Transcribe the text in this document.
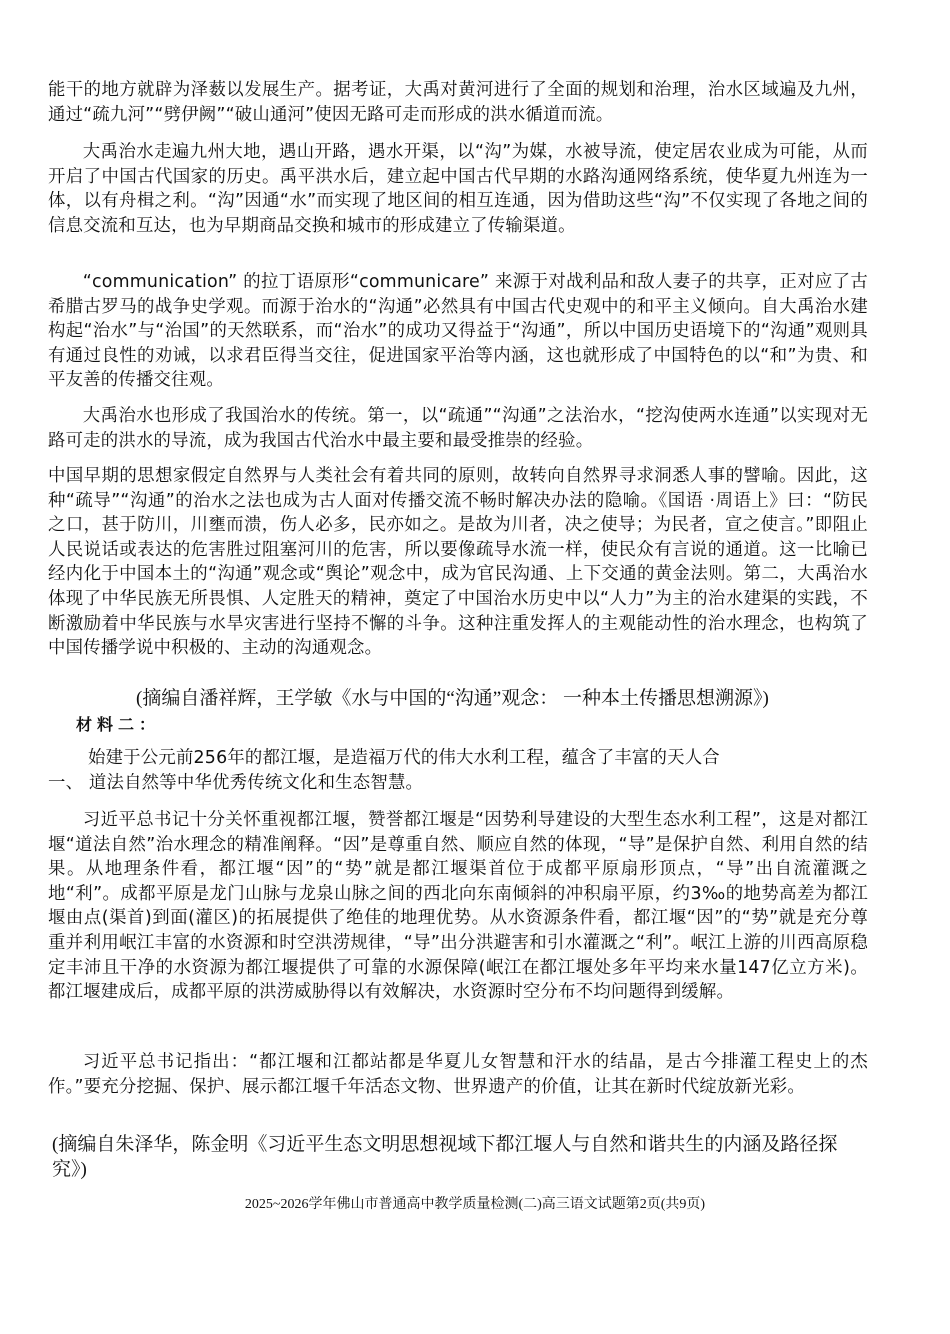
能干的地方就辟为泽薮以发展生产。据考证，大禹对黄河进行了全面的规划和治理，治水区域遍及九州，通过“疏九河”“劈伊阙”“破山通河”使因无路可走而形成的洪水循道而流。

大禹治水走遍九州大地，遇山开路，遇水开渠，以“沟”为媒，水被导流，使定居农业成为可能，从而开启了中国古代国家的历史。禹平洪水后，建立起中国古代早期的水路沟通网络系统，使华夏九州连为一体，以有舟楫之利。“沟”因通“水”而实现了地区间的相互连通，因为借助这些“沟”不仅实现了各地之间的信息交流和互达，也为早期商品交换和城市的形成建立了传输渠道。

“communication” 的拉丁语原形“communicare” 来源于对战利品和敌人妻子的共享，正对应了古希腊古罗马的战争史学观。而源于治水的“沟通”必然具有中国古代史观中的和平主义倾向。自大禹治水建构起“治水”与“治国”的天然联系，而“治水”的成功又得益于“沟通”，所以中国历史语境下的“沟通”观则具有通过良性的劝诫，以求君臣得当交往，促进国家平治等内涵，这也就形成了中国特色的以“和”为贵、和平友善的传播交往观。

大禹治水也形成了我国治水的传统。第一，以“疏通”“沟通”之法治水，“挖沟使两水连通”以实现对无路可走的洪水的导流，成为我国古代治水中最主要和最受推崇的经验。

中国早期的思想家假定自然界与人类社会有着共同的原则，故转向自然界寻求洞悉人事的譬喻。因此，这种“疏导”“沟通”的治水之法也成为古人面对传播交流不畅时解决办法的隐喻。《国语 ·周语上》曰：“防民之口，甚于防川，川壅而溃，伤人必多，民亦如之。是故为川者，决之使导；为民者，宣之使言。”即阻止人民说话或表达的危害胜过阻塞河川的危害，所以要像疏导水流一样，使民众有言说的通道。这一比喻已经内化于中国本土的“沟通”观念或“舆论”观念中，成为官民沟通、上下交通的黄金法则。第二，大禹治水体现了中华民族无所畏惧、人定胜天的精神，奠定了中国治水历史中以“人力”为主的治水建渠的实践，不断激励着中华民族与水旱灾害进行坚持不懈的斗争。这种注重发挥人的主观能动性的治水理念，也构筑了中国传播学说中积极的、主动的沟通观念。

(摘编自潘祥辉，王学敏《水与中国的“沟通”观念： 一种本土传播思想溯源》)
材料二：
始建于公元前256年的都江堰，是造福万代的伟大水利工程，蕴含了丰富的天人合
一、 道法自然等中华优秀传统文化和生态智慧。

习近平总书记十分关怀重视都江堰，赞誉都江堰是“因势利导建设的大型生态水利工程”，这是对都江堰“道法自然”治水理念的精准阐释。“因”是尊重自然、顺应自然的体现，“导”是保护自然、利用自然的结果。从地理条件看，都江堰“因”的“势”就是都江堰渠首位于成都平原扇形顶点，“导”出自流灌溉之地“利”。成都平原是龙门山脉与龙泉山脉之间的西北向东南倾斜的冲积扇平原，约3‰的地势高差为都江堰由点(渠首)到面(灌区)的拓展提供了绝佳的地理优势。从水资源条件看，都江堰“因”的“势”就是充分尊重并利用岷江丰富的水资源和时空洪涝规律，“导”出分洪避害和引水灌溉之“利”。岷江上游的川西高原稳定丰沛且干净的水资源为都江堰提供了可靠的水源保障(岷江在都江堰处多年平均来水量147亿立方米)。都江堰建成后，成都平原的洪涝威胁得以有效解决，水资源时空分布不均问题得到缓解。

习近平总书记指出：“都江堰和江都站都是华夏儿女智慧和汗水的结晶，是古今排灌工程史上的杰作。”要充分挖掘、保护、展示都江堰千年活态文物、世界遗产的价值，让其在新时代绽放新光彩。

(摘编自朱泽华，陈金明《习近平生态文明思想视域下都江堰人与自然和谐共生的内涵及路径探究》)
2025~2026学年佛山市普通高中教学质量检测(二)高三语文试题第2页(共9页)
